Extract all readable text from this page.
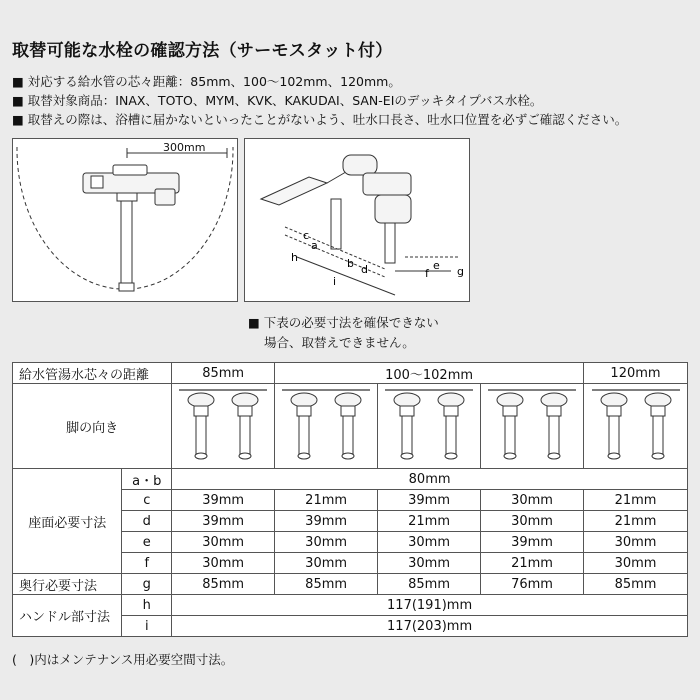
取替可能な水栓の確認方法（サーモスタット付）
■ 対応する給水管の芯々距離：85mm、100〜102mm、120mm。
■ 取替対象商品：INAX、TOTO、MYM、KVK、KAKUDAI、SAN-EIのデッキタイプバス水栓。
■ 取替えの際は、浴槽に届かないといったことがないよう、吐水口長さ、吐水口位置を必ずご確認ください。
300mm
a
b
c
d	e
f	g
h
i
■ 下表の必要寸法を確保できない
場合、取替えできません。
給水管湯水芯々の距離		85mm	100〜102mm			120mm
脚の向き					
座面必要寸法	a・b	80mm				
	c	39mm	21mm	39mm	30mm	21mm
	d	39mm	39mm	21mm	30mm	21mm
	e	30mm	30mm	30mm	39mm	30mm
	f	30mm	30mm	30mm	21mm	30mm
奥行必要寸法	g	85mm	85mm	85mm	76mm	85mm
ハンドル部寸法	h	117(191)mm				
	i	117(203)mm				
(　)内はメンテナンス用必要空間寸法。
